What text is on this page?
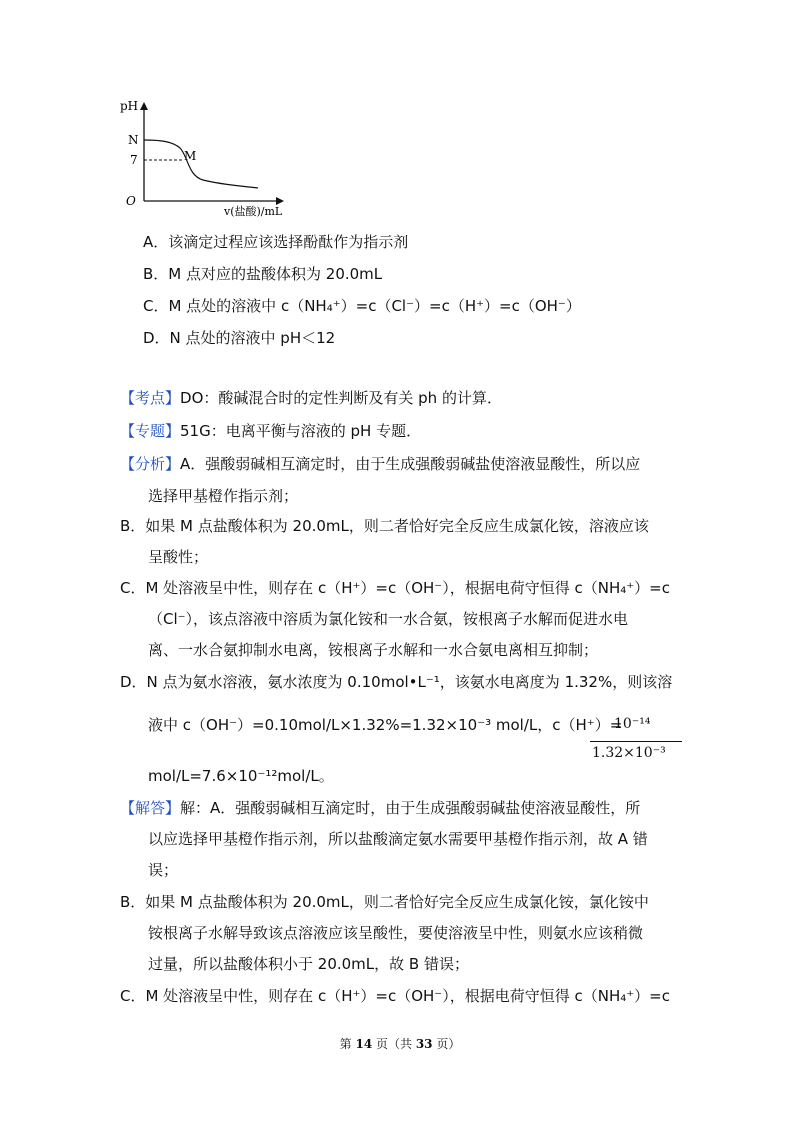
pH
N
7	M
O
v(盐酸)/mL
A．该滴定过程应该选择酚酞作为指示剂
B．M 点对应的盐酸体积为 20.0mL
C．M 点处的溶液中 c（NH₄⁺）=c（Cl⁻）=c（H⁺）=c（OH⁻）
D．N 点处的溶液中 pH＜12
【考点】DO：酸碱混合时的定性判断及有关 ph 的计算．
【专题】51G：电离平衡与溶液的 pH 专题．
【分析】A．强酸弱碱相互滴定时，由于生成强酸弱碱盐使溶液显酸性，所以应
选择甲基橙作指示剂；
B．如果 M 点盐酸体积为 20.0mL，则二者恰好完全反应生成氯化铵，溶液应该
呈酸性；
C．M 处溶液呈中性，则存在 c（H⁺）=c（OH⁻），根据电荷守恒得 c（NH₄⁺）=c
（Cl⁻），该点溶液中溶质为氯化铵和一水合氨，铵根离子水解而促进水电
离、一水合氨抑制水电离，铵根离子水解和一水合氨电离相互抑制；
D．N 点为氨水溶液，氨水浓度为 0.10mol•L⁻¹，该氨水电离度为 1.32%，则该溶
液中 c（OH⁻）=0.10mol/L×1.32%=1.32×10⁻³ mol/L，c（H⁺）=
10⁻¹⁴
1.32×10⁻³
mol/L=7.6×10⁻¹²mol/L。
【解答】解：A．强酸弱碱相互滴定时，由于生成强酸弱碱盐使溶液显酸性，所
以应选择甲基橙作指示剂，所以盐酸滴定氨水需要甲基橙作指示剂，故 A 错
误；
B．如果 M 点盐酸体积为 20.0mL，则二者恰好完全反应生成氯化铵，氯化铵中
铵根离子水解导致该点溶液应该呈酸性，要使溶液呈中性，则氨水应该稍微
过量，所以盐酸体积小于 20.0mL，故 B 错误；
C．M 处溶液呈中性，则存在 c（H⁺）=c（OH⁻），根据电荷守恒得 c（NH₄⁺）=c
第 14 页（共 33 页）
